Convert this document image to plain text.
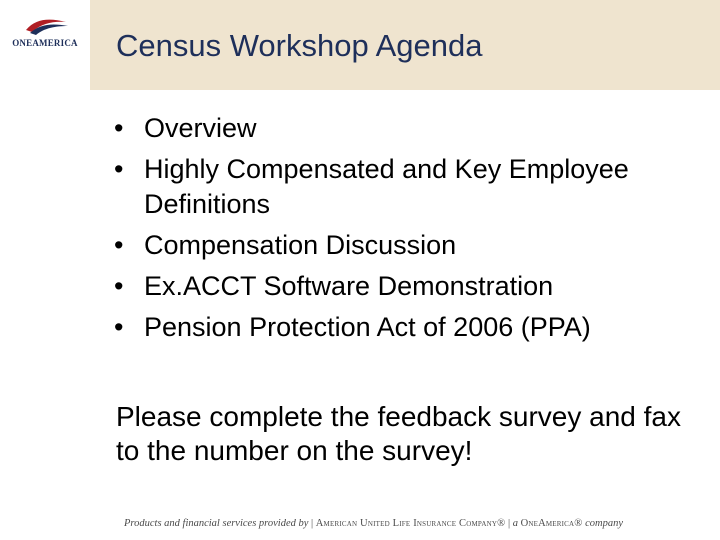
ONEAMERICA	Census Workshop Agenda
• Overview
• Highly Compensated and Key Employee Definitions
• Compensation Discussion
• Ex.ACCT Software Demonstration
• Pension Protection Act of 2006 (PPA)

Please complete the feedback survey and fax to the number on the survey!

Products and financial services provided by | American United Life Insurance Company® | a OneAmerica® company
